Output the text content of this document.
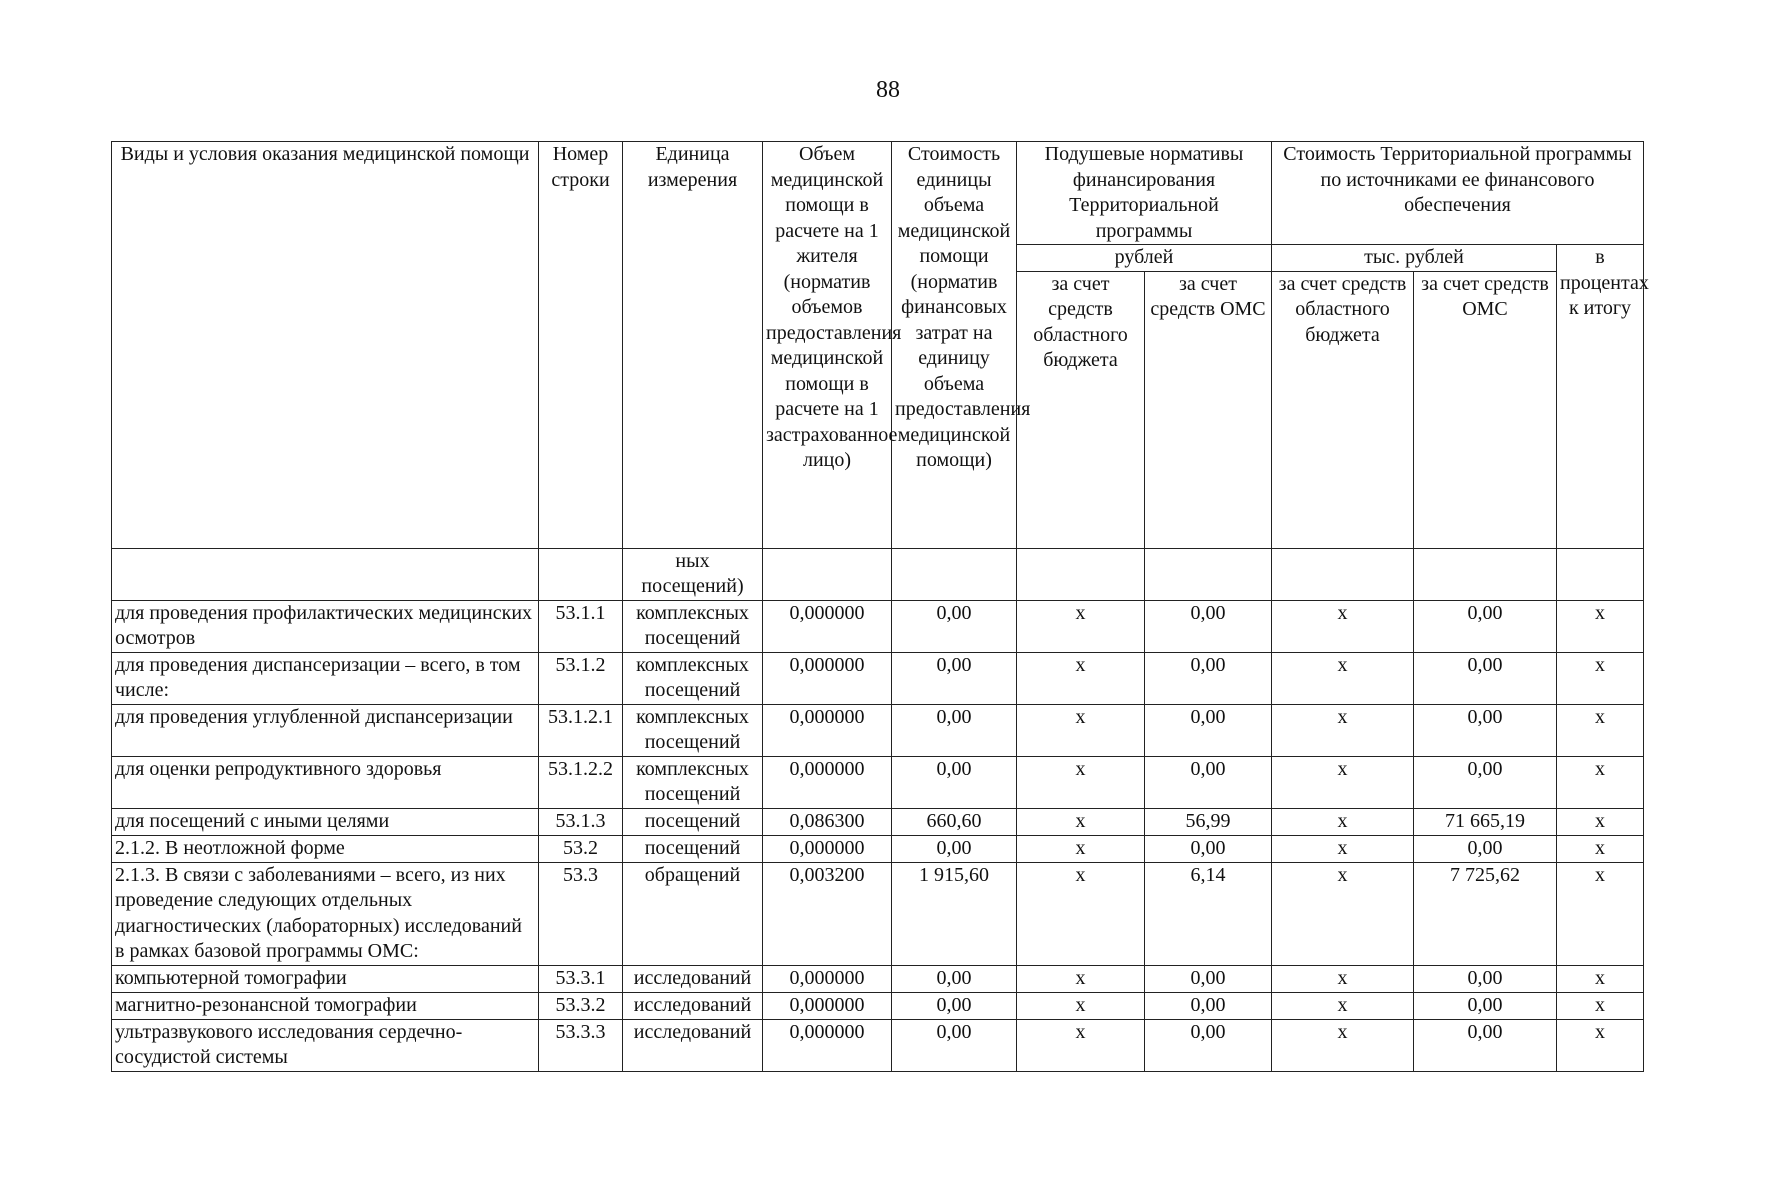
88
Виды и условия оказания медицинской помощи	Номер строки	Единица измерения	Объем медицинской помощи в расчете на 1 жителя (норматив объемов предоставления медицинской помощи в расчете на 1 застрахованное лицо)	Стоимость единицы объема медицинской помощи (норматив финансовых затрат на единицу объема предоставления медицинской помощи)	Подушевые нормативы финансирования Территориальной программы		Стоимость Территориальной программы по источниками ее финансового обеспечения		
					рублей		тыс. рублей		в процентах к итогу
					за счет средств областного бюджета	за счет средств ОМС	за счет средств областного бюджета	за счет средств ОМС	

		ных посещений)							
для проведения профилактических медицинских осмотров	53.1.1	комплексных посещений	0,000000	0,00	x	0,00	x	0,00	x
для проведения диспансеризации – всего, в том числе:	53.1.2	комплексных посещений	0,000000	0,00	x	0,00	x	0,00	x
для проведения углубленной диспансеризации	53.1.2.1	комплексных посещений	0,000000	0,00	x	0,00	x	0,00	x
для оценки репродуктивного здоровья	53.1.2.2	комплексных посещений	0,000000	0,00	x	0,00	x	0,00	x
для посещений с иными целями	53.1.3	посещений	0,086300	660,60	x	56,99	x	71 665,19	x
2.1.2. В неотложной форме	53.2	посещений	0,000000	0,00	x	0,00	x	0,00	x
2.1.3. В связи с заболеваниями – всего, из них проведение следующих отдельных диагностических (лабораторных) исследований в рамках базовой программы ОМС:	53.3	обращений	0,003200	1 915,60	x	6,14	x	7 725,62	x
компьютерной томографии	53.3.1	исследований	0,000000	0,00	x	0,00	x	0,00	x
магнитно-резонансной томографии	53.3.2	исследований	0,000000	0,00	x	0,00	x	0,00	x
ультразвукового исследования сердечно-сосудистой системы	53.3.3	исследований	0,000000	0,00	x	0,00	x	0,00	x
